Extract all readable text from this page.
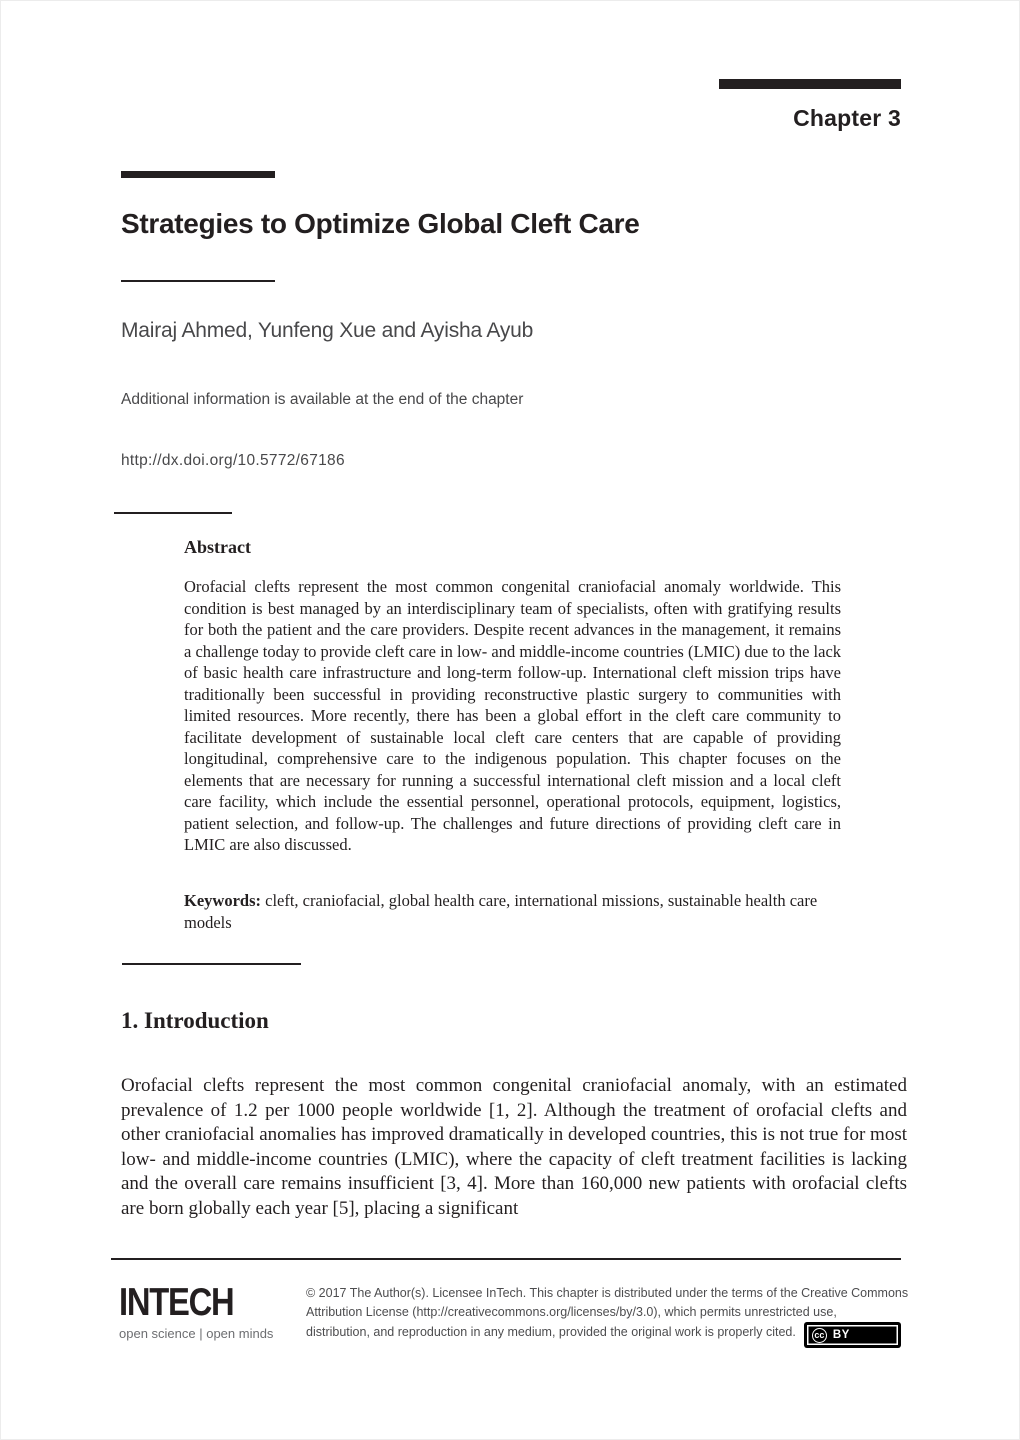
Chapter 3
Strategies to Optimize Global Cleft Care
Mairaj Ahmed, Yunfeng Xue and Ayisha Ayub
Additional information is available at the end of the chapter
http://dx.doi.org/10.5772/67186
Abstract
Orofacial clefts represent the most common congenital craniofacial anomaly worldwide. This condition is best managed by an interdisciplinary team of specialists, often with gratifying results for both the patient and the care providers. Despite recent advances in the management, it remains a challenge today to provide cleft care in low- and middle-income countries (LMIC) due to the lack of basic health care infrastructure and long-term follow-up. International cleft mission trips have traditionally been successful in providing reconstructive plastic surgery to communities with limited resources. More recently, there has been a global effort in the cleft care community to facilitate development of sustainable local cleft care centers that are capable of providing longitudinal, comprehensive care to the indigenous population. This chapter focuses on the elements that are necessary for running a successful international cleft mission and a local cleft care facility, which include the essential personnel, operational protocols, equipment, logistics, patient selection, and follow-up. The challenges and future directions of providing cleft care in LMIC are also discussed.
Keywords: cleft, craniofacial, global health care, international missions, sustainable health care models
1. Introduction
Orofacial clefts represent the most common congenital craniofacial anomaly, with an estimated prevalence of 1.2 per 1000 people worldwide [1, 2]. Although the treatment of orofacial clefts and other craniofacial anomalies has improved dramatically in developed countries, this is not true for most low- and middle-income countries (LMIC), where the capacity of cleft treatment facilities is lacking and the overall care remains insufficient [3, 4]. More than 160,000 new patients with orofacial clefts are born globally each year [5], placing a significant
INTECH
open science | open minds
© 2017 The Author(s). Licensee InTech. This chapter is distributed under the terms of the Creative Commons
Attribution License (http://creativecommons.org/licenses/by/3.0), which permits unrestricted use,
distribution, and reproduction in any medium, provided the original work is properly cited. cc BY
